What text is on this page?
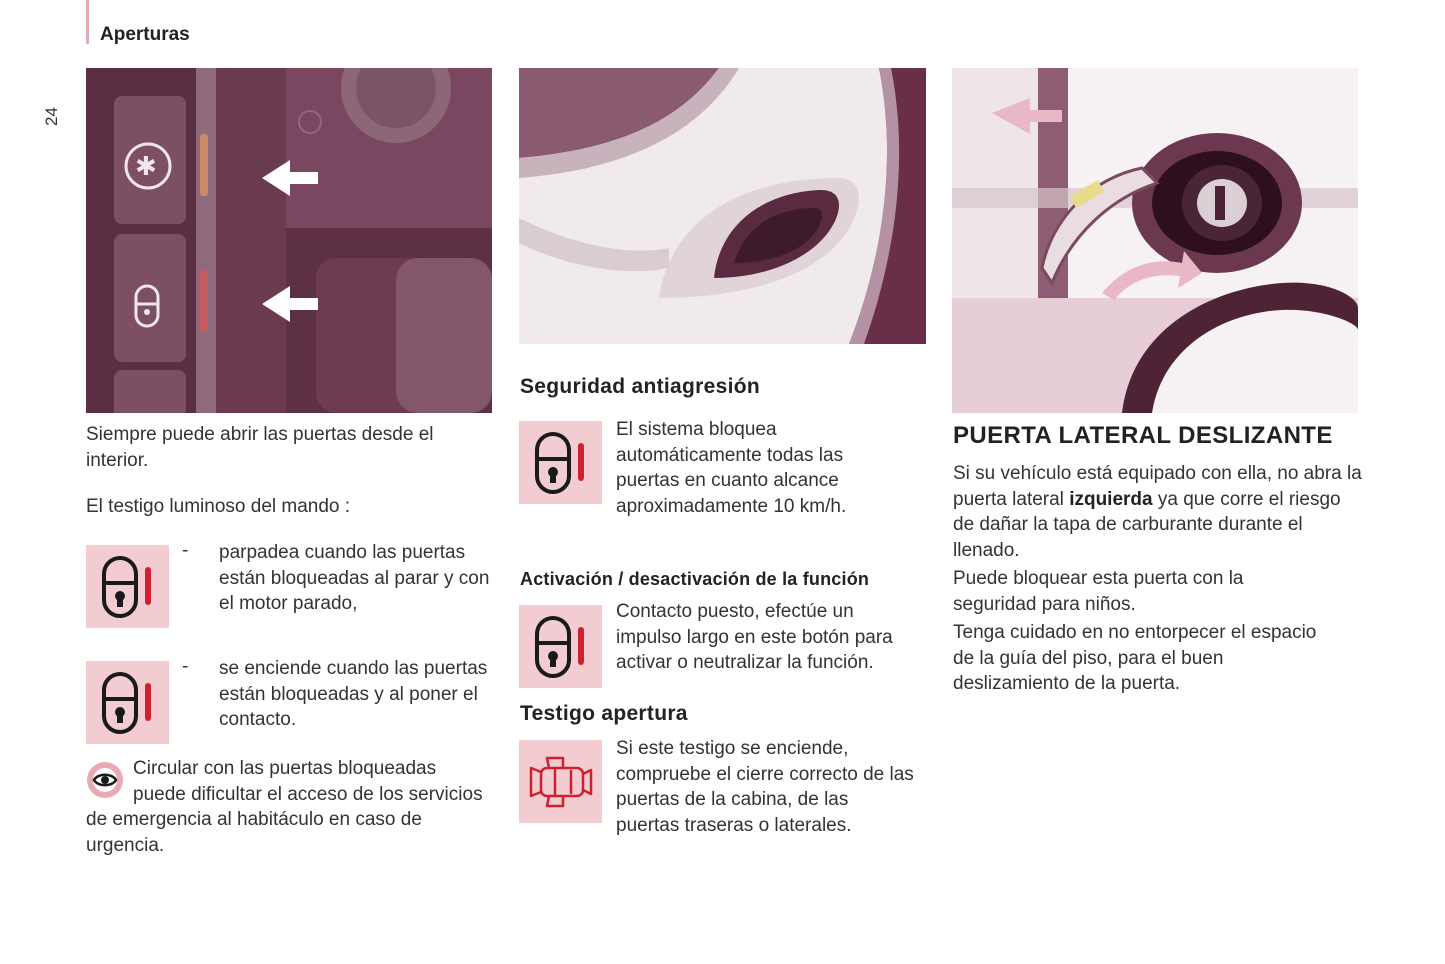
Aperturas
24
✱
Siempre puede abrir las puertas desde el interior.
El testigo luminoso del mando :
- parpadea cuando las puertas están bloqueadas al parar y con el motor parado,
- se enciende cuando las puertas están bloqueadas y al poner el contacto.
Circular con las puertas bloqueadas puede dificultar el acceso de los servicios de emergencia al habitáculo en caso de urgencia.
Seguridad antiagresión
El sistema bloquea automáticamente todas las puertas en cuanto alcance aproximadamente 10 km/h.
Activación / desactivación de la función
Contacto puesto, efectúe un impulso largo en este botón para activar o neutralizar la función.
Testigo apertura
Si este testigo se enciende, compruebe el cierre correcto de las puertas de la cabina, de las puertas traseras o laterales.
PUERTA LATERAL DESLIZANTE
Si su vehículo está equipado con ella, no abra la puerta lateral izquierda ya que corre el riesgo de dañar la tapa de carburante durante el llenado.
Puede bloquear esta puerta con la seguridad para niños.
Tenga cuidado en no entorpecer el espacio de la guía del piso, para el buen deslizamiento de la puerta.
